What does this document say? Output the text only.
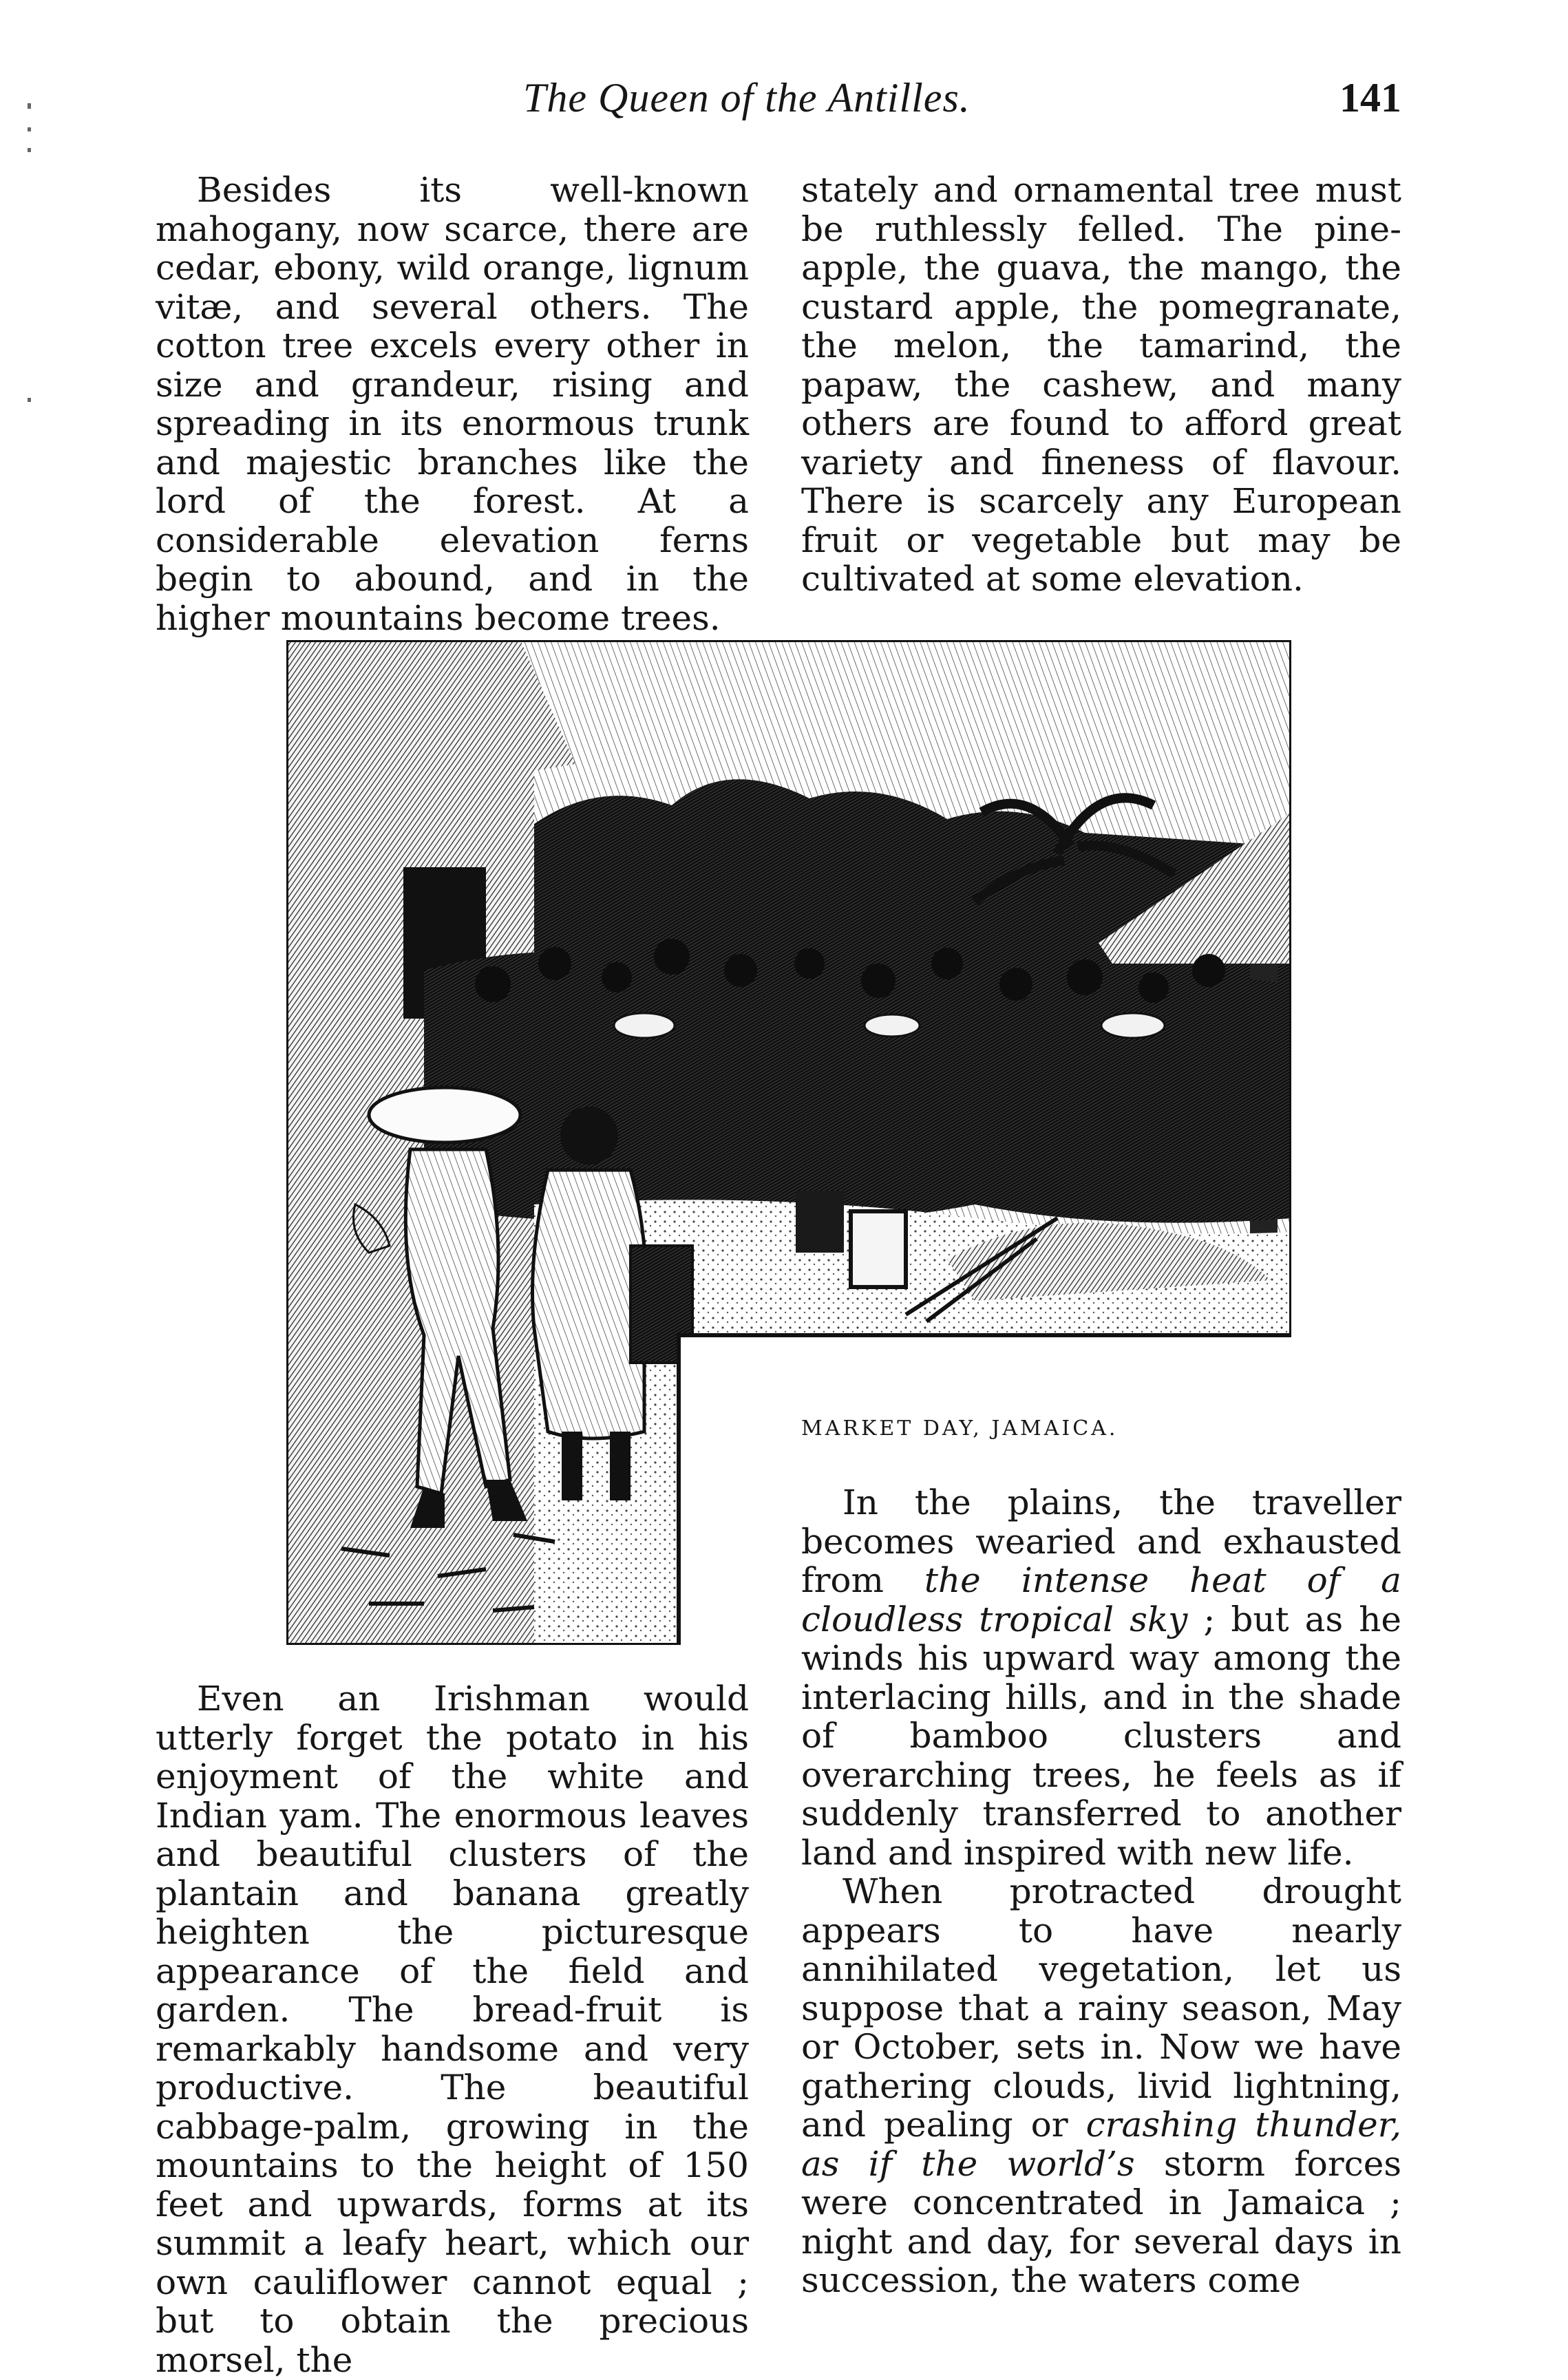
The Queen of the Antilles.	141

Besides its well-known mahogany, now scarce, there are cedar, ebony, wild orange, lignum vitæ, and several others. The cotton tree excels every other in size and grandeur, rising and spreading in its enormous trunk and majestic branches like the lord of the forest. At a considerable elevation ferns begin to abound, and in the higher mountains become trees.

stately and ornamental tree must be ruthlessly felled. The pine-apple, the guava, the mango, the custard apple, the pomegranate, the melon, the tamarind, the papaw, the cashew, and many others are found to afford great variety and fineness of flavour. There is scarcely any European fruit or vegetable but may be cultivated at some elevation.

MARKET DAY, JAMAICA.

In the plains, the traveller becomes wearied and exhausted from the intense heat of a cloudless tropical sky ; but as he winds his upward way among the interlacing hills, and in the shade of bamboo clusters and overarching trees, he feels as if suddenly transferred to another land and inspired with new life.

When protracted drought appears to have nearly annihilated vegetation, let us suppose that a rainy season, May or October, sets in. Now we have gathering clouds, livid lightning, and pealing or crashing thunder, as if the world’s storm forces were concentrated in Jamaica ; night and day, for several days in succession, the waters come

Even an Irishman would utterly forget the potato in his enjoyment of the white and Indian yam. The enormous leaves and beautiful clusters of the plantain and banana greatly heighten the picturesque appearance of the field and garden. The bread-fruit is remarkably handsome and very productive. The beautiful cabbage-palm, growing in the mountains to the height of 150 feet and upwards, forms at its summit a leafy heart, which our own cauliflower cannot equal ; but to obtain the precious morsel, the
